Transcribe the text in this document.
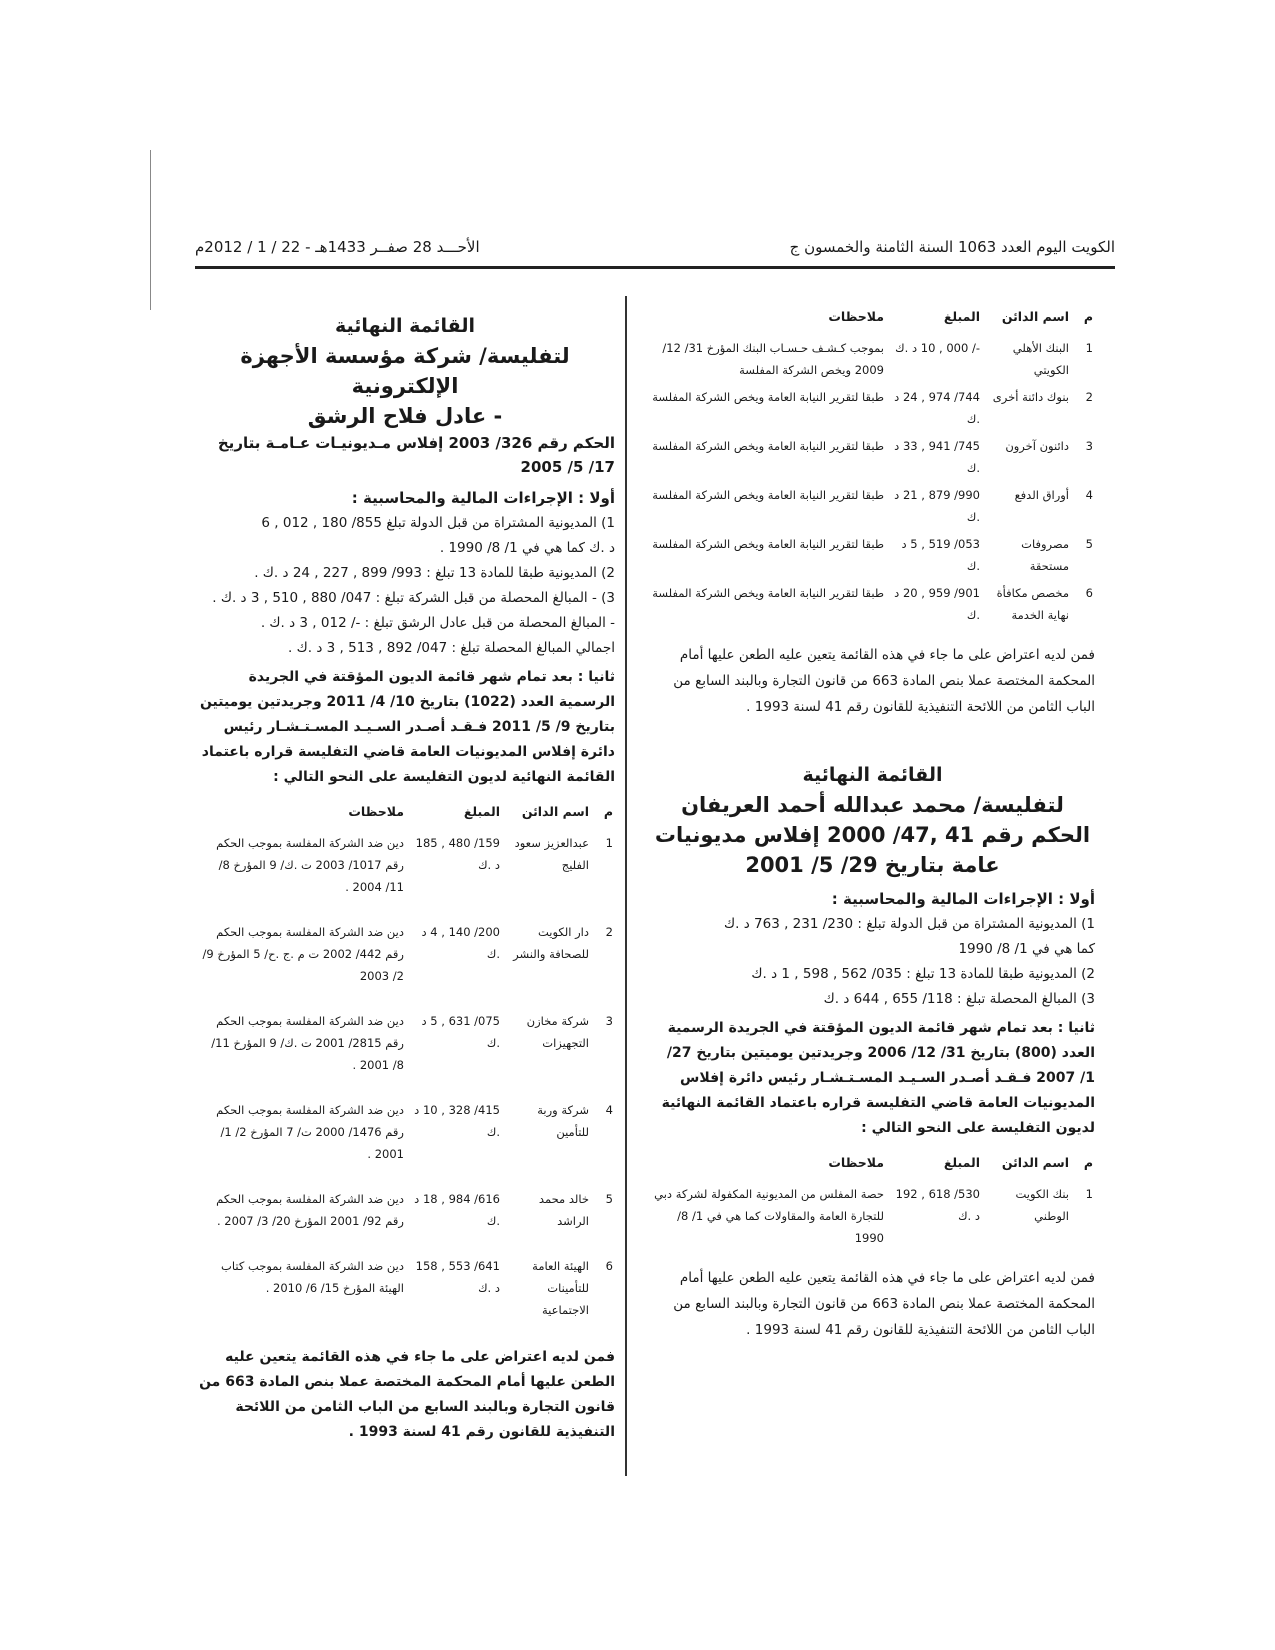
الكويت اليوم العدد 1063 السنة الثامنة والخمسون ج
الأحـــد 28 صفــر 1433هـ - 22 / 1 / 2012م
م	اسم الدائن	المبلغ	ملاحظات
1	البنك الأهلي الكويتي	-/ 000 , 10 د .ك	بموجب كـشـف حـسـاب البنك المؤرخ 31/ 12/ 2009 ويخص الشركة المفلسة
2	بنوك دائنة أخرى	744/ 974 , 24 د .ك	طبقا لتقرير النيابة العامة ويخص الشركة المفلسة
3	دائنون آخرون	745/ 941 , 33 د .ك	طبقا لتقرير النيابة العامة ويخص الشركة المفلسة
4	أوراق الدفع	990/ 879 , 21 د .ك	طبقا لتقرير النيابة العامة ويخص الشركة المفلسة
5	مصروفات مستحقة	053/ 519 , 5 د .ك	طبقا لتقرير النيابة العامة ويخص الشركة المفلسة
6	مخصص مكافأة نهاية الخدمة	901/ 959 , 20 د .ك	طبقا لتقرير النيابة العامة ويخص الشركة المفلسة

فمن لديه اعتراض على ما جاء في هذه القائمة يتعين عليه الطعن عليها أمام المحكمة المختصة عملا بنص المادة 663 من قانون التجارة وبالبند السابع من الباب الثامن من اللائحة التنفيذية للقانون رقم 41 لسنة 1993 .

القائمة النهائية

لتفليسة/ محمد عبدالله أحمد العريفان

الحكم رقم 41 ,47/ 2000 إفلاس مديونيات عامة بتاريخ 29/ 5/ 2001

أولا : الإجراءات المالية والمحاسبية :

1) المديونية المشتراة من قبل الدولة تبلغ : 230/ 231 , 763 د .ك

كما هي في 1/ 8/ 1990

2) المديونية طبقا للمادة 13 تبلغ : 035/ 562 , 598 , 1 د .ك

3) المبالغ المحصلة تبلغ : 118/ 655 , 644 د .ك

ثانيا : بعد تمام شهر قائمة الديون المؤقتة في الجريدة الرسمية العدد (800) بتاريخ 31/ 12/ 2006 وجريدتين يوميتين بتاريخ 27/ 1/ 2007 فـقـد أصـدر السـيـد المسـتـشـار رئيس دائرة إفلاس المديونيات العامة قاضي التفليسة قراره باعتماد القائمة النهائية لديون التفليسة على النحو التالي :

م	اسم الدائن	المبلغ	ملاحظات
1	بنك الكويت الوطني	530/ 618 , 192 د .ك	حصة المفلس من المديونية المكفولة لشركة دبي للتجارة العامة والمقاولات كما هي في 1/ 8/ 1990

فمن لديه اعتراض على ما جاء في هذه القائمة يتعين عليه الطعن عليها أمام المحكمة المختصة عملا بنص المادة 663 من قانون التجارة وبالبند السابع من الباب الثامن من اللائحة التنفيذية للقانون رقم 41 لسنة 1993 .

القائمة النهائية

لتفليسة/ شركة مؤسسة الأجهزة الإلكترونية

- عادل فلاح الرشق

الحكم رقم 326/ 2003 إفلاس مـديونيـات عـامـة بتاريخ 17/ 5/ 2005

أولا : الإجراءات المالية والمحاسبية :

1) المديونية المشتراة من قبل الدولة تبلغ 855/ 180 , 012 , 6

د .ك كما هي في 1/ 8/ 1990 .

2) المديونية طبقا للمادة 13 تبلغ : 993/ 899 , 227 , 24 د .ك .

3) - المبالغ المحصلة من قبل الشركة تبلغ : 047/ 880 , 510 , 3 د .ك .

- المبالغ المحصلة من قبل عادل الرشق تبلغ : -/ 012 , 3 د .ك .

اجمالي المبالغ المحصلة تبلغ : 047/ 892 , 513 , 3 د .ك .

ثانيا : بعد تمام شهر قائمة الديون المؤقتة في الجريدة الرسمية العدد (1022) بتاريخ 10/ 4/ 2011 وجريدتين يوميتين بتاريخ 9/ 5/ 2011 فـقـد أصـدر السـيـد المسـتـشـار رئيس دائرة إفلاس المديونيات العامة قاضي التفليسة قراره باعتماد القائمة النهائية لديون التفليسة على النحو التالي :

م	اسم الدائن	المبلغ	ملاحظات
1	عبدالعزيز سعود الفليج	159/ 480 , 185 د .ك	دين ضد الشركة المفلسة بموجب الحكم رقم 1017/ 2003 ت .ك/ 9 المؤرخ 8/ 11/ 2004 .
2	دار الكويت للصحافة والنشر	200/ 140 , 4 د .ك	دين ضد الشركة المفلسة بموجب الحكم رقم 442/ 2002 ت م .ج .ح/ 5 المؤرخ 9/ 2/ 2003
3	شركة مخازن التجهيزات	075/ 631 , 5 د .ك	دين ضد الشركة المفلسة بموجب الحكم رقم 2815/ 2001 ت .ك/ 9 المؤرخ 11/ 8/ 2001 .
4	شركة وربة للتأمين	415/ 328 , 10 د .ك	دين ضد الشركة المفلسة بموجب الحكم رقم 1476/ 2000 ت/ 7 المؤرخ 2/ 1/ 2001 .
5	خالد محمد الراشد	616/ 984 , 18 د .ك	دين ضد الشركة المفلسة بموجب الحكم رقم 92/ 2001 المؤرخ 20/ 3/ 2007 .
6	الهيئة العامة للتأمينات الاجتماعية	641/ 553 , 158 د .ك	دين ضد الشركة المفلسة بموجب كتاب الهيئة المؤرخ 15/ 6/ 2010 .

فمن لديه اعتراض على ما جاء في هذه القائمة يتعين عليه الطعن عليها أمام المحكمة المختصة عملا بنص المادة 663 من قانون التجارة وبالبند السابع من الباب الثامن من اللائحة التنفيذية للقانون رقم 41 لسنة 1993 .
